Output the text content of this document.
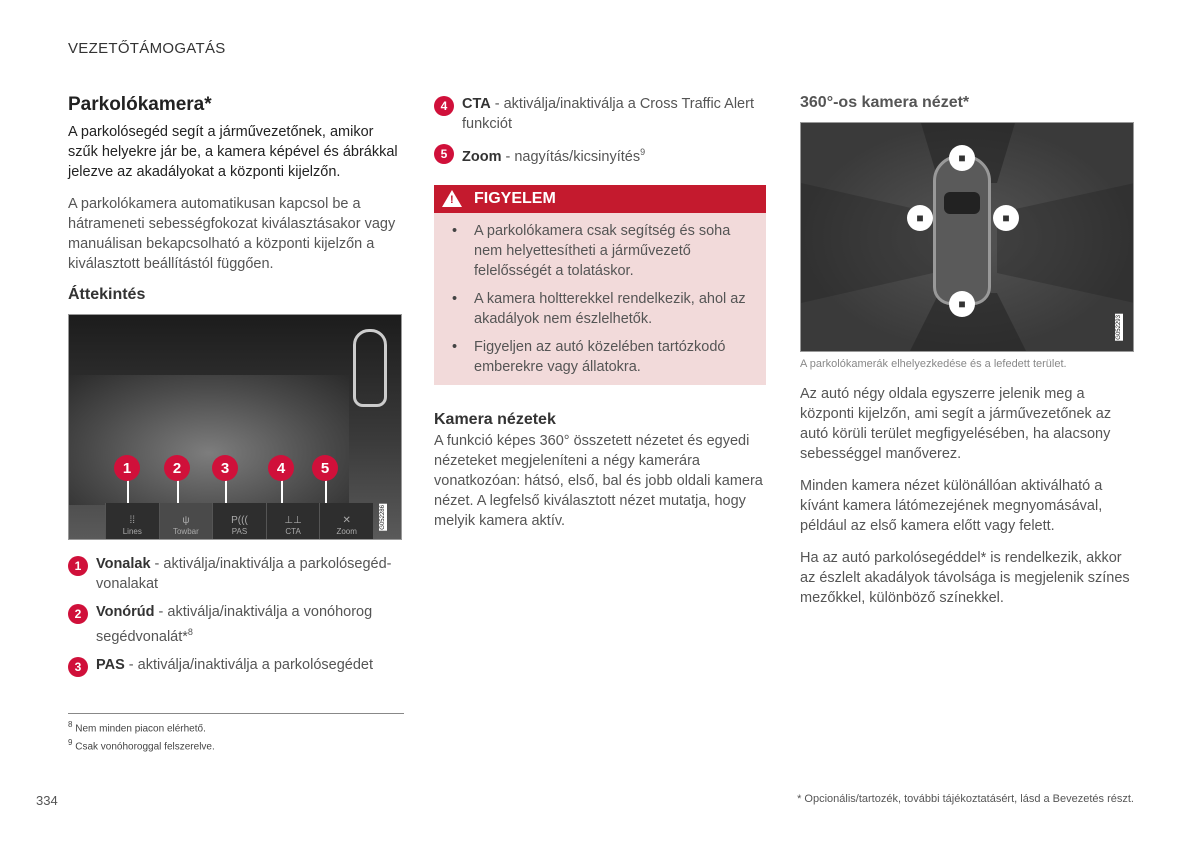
VEZETŐTÁMOGATÁS
Parkolókamera*

A parkolósegéd segít a járművezetőnek, amikor szűk helyekre jár be, a kamera képével és ábrákkal jelezve az akadályokat a központi kijelzőn.

A parkolókamera automatikusan kapcsol be a hátrameneti sebességfokozat kiválasztásakor vagy manuálisan bekapcsolható a központi kijelzőn a kiválasztott beállítástól függően.

Áttekintés
1	2	3	4	5
⁞⁞
Lines
ψ
Towbar
P(((
PAS
⊥⊥
CTA
✕
Zoom
G052286
1	Vonalak - aktiválja/inaktiválja a parkolósegéd-vonalakat
2	Vonórúd - aktiválja/inaktiválja a vonóhorog segédvonalát*$^8$
3	PAS - aktiválja/inaktiválja a parkolósegédet
4	CTA - aktiválja/inaktiválja a Cross Traffic Alert funkciót
5	Zoom - nagyítás/kicsinyítés$^9$
! FIGYELEM
• A parkolókamera csak segítség és soha nem helyettesítheti a járművezető felelősségét a tolatáskor.
• A kamera holtterekkel rendelkezik, ahol az akadályok nem észlelhetők.
• Figyeljen az autó közelében tartózkodó emberekre vagy állatokra.
Kamera nézetek

A funkció képes 360° összetett nézetet és egyedi nézeteket megjeleníteni a négy kamerára vonatkozóan: hátsó, első, bal és jobb oldali kamera nézet. A legfelső kiválasztott nézet mutatja, hogy melyik kamera aktív.

360°-os kamera nézet*
■
■	■
■
G052293

A parkolókamerák elhelyezkedése és a lefedett terület.

Az autó négy oldala egyszerre jelenik meg a központi kijelzőn, ami segít a járművezetőnek az autó körüli terület megfigyelésében, ha alacsony sebességgel manőverez.

Minden kamera nézet különállóan aktiválható a kívánt kamera látómezejének megnyomásával, például az első kamera előtt vagy felett.

Ha az autó parkolósegéddel* is rendelkezik, akkor az észlelt akadályok távolsága is megjelenik színes mezőkkel, különböző színekkel.

$^8$ Nem minden piacon elérhető.
$^9$ Csak vonóhoroggal felszerelve.
334	* Opcionális/tartozék, további tájékoztatásért, lásd a Bevezetés részt.
